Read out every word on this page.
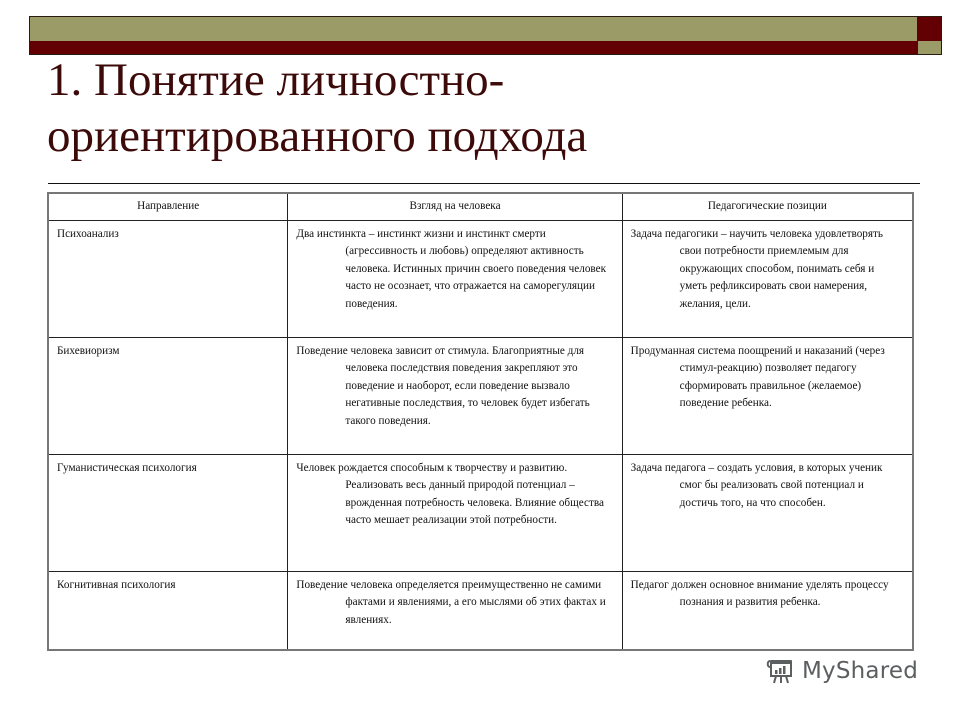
1. Понятие личностно-
ориентированного подхода
Направление	Взгляд на человека	Педагогические позиции
Психоанализ	Два инстинкта – инстинкт жизни и инстинкт смерти (агрессивность и любовь) определяют активность человека. Истинных причин своего поведения человек часто не осознает, что отражается на саморегуляции поведения.	Задача педагогики – научить человека удовлетворять свои потребности приемлемым для окружающих способом, понимать себя и уметь рефликсировать свои намерения, желания, цели.

Бихевиоризм	Поведение человека зависит от стимула. Благоприятные для человека последствия поведения закрепляют это поведение и наоборот, если поведение вызвало негативные последствия, то человек будет избегать такого поведения.	Продуманная система поощрений и наказаний (через стимул-реакцию) позволяет педагогу сформировать правильное (желаемое) поведение ребенка.

Гуманистическая психология	Человек рождается способным к творчеству и развитию. Реализовать весь данный природой потенциал – врожденная потребность человека. Влияние общества часто мешает реализации этой потребности.	Задача педагога – создать условия, в которых ученик смог бы реализовать свой потенциал и достичь того, на что способен.

Когнитивная психология	Поведение человека определяется преимущественно не самими фактами и явлениями, а его мыслями об этих фактах и явлениях.	Педагог должен основное внимание уделять процессу познания и развития ребенка.
MyShared
